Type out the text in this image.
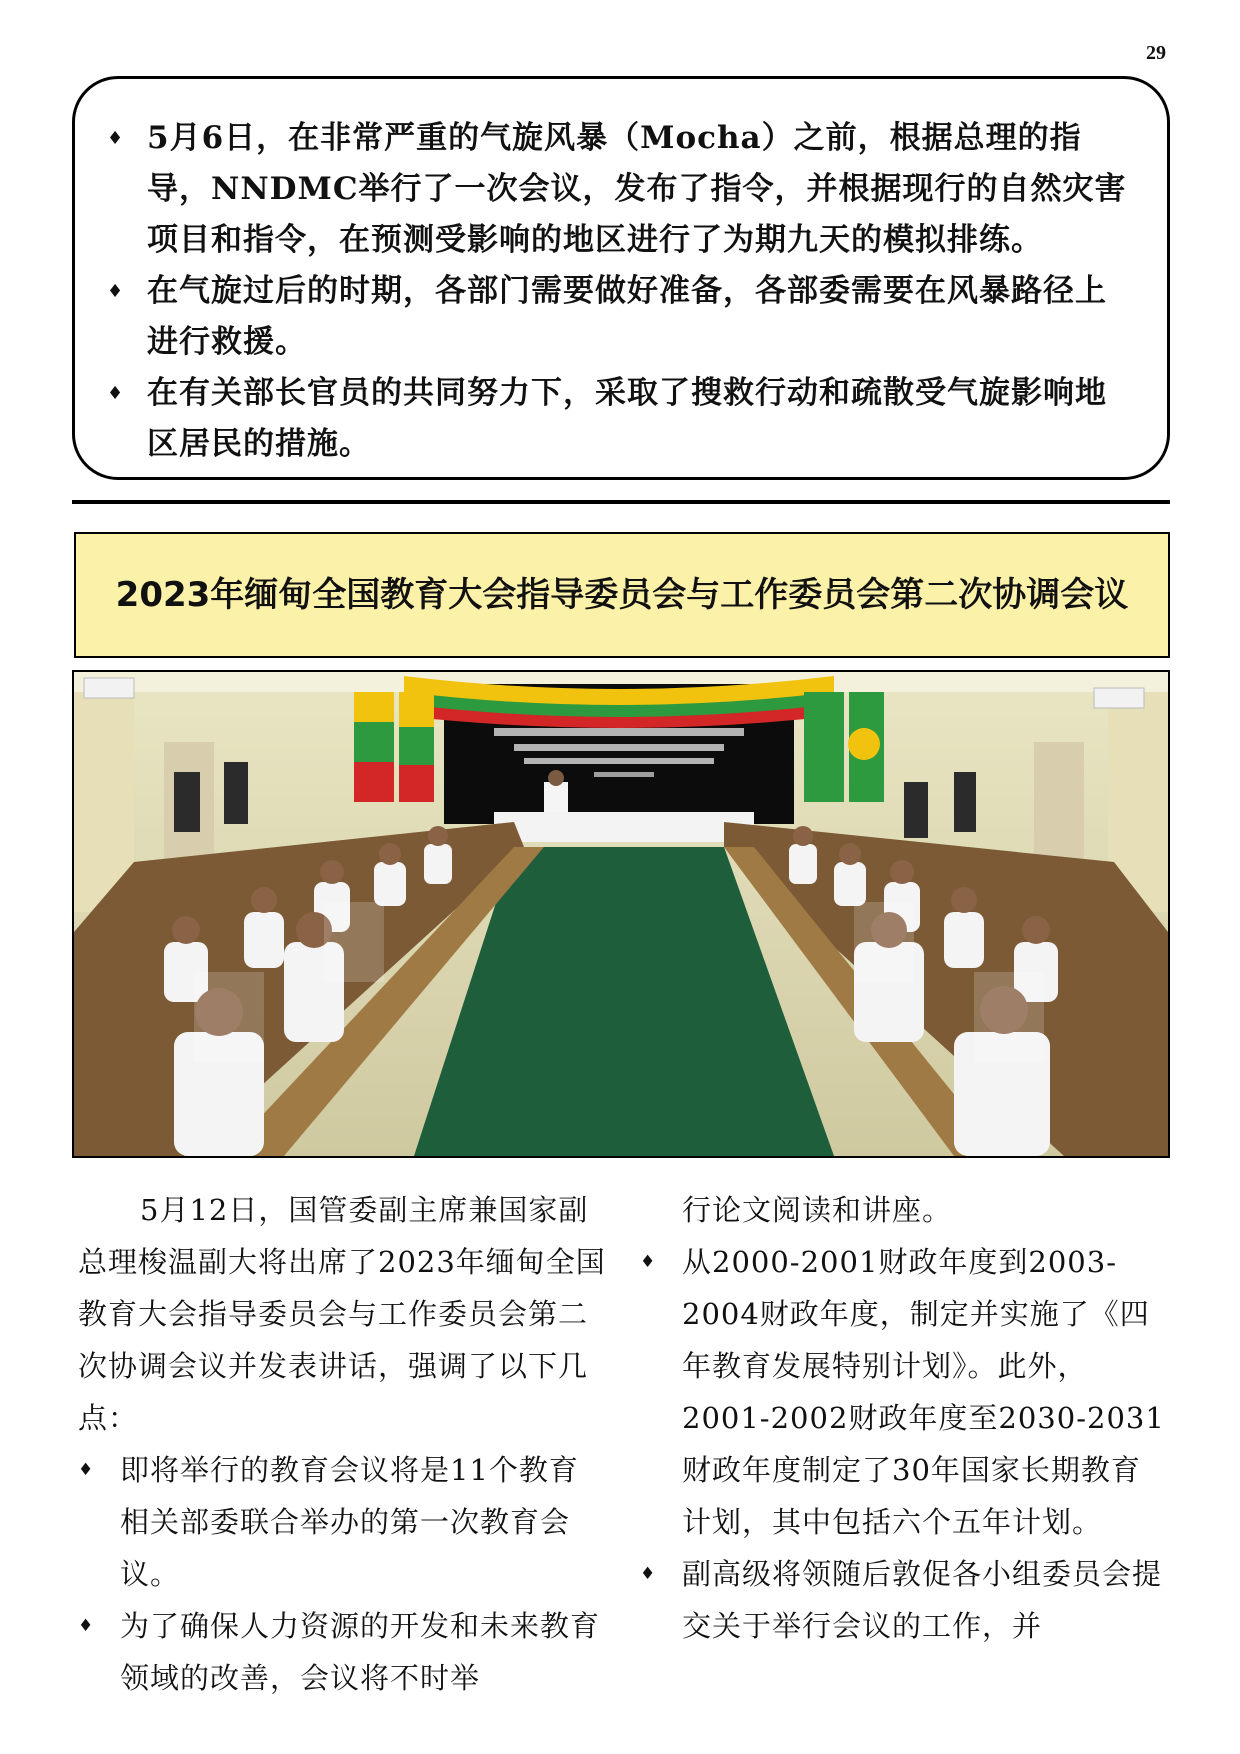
29
♦ 5月6日，在非常严重的气旋风暴（Mocha）之前，根据总理的指导，NNDMC举行了一次会议，发布了指令，并根据现行的自然灾害项目和指令，在预测受影响的地区进行了为期九天的模拟排练。
♦ 在气旋过后的时期，各部门需要做好准备，各部委需要在风暴路径上进行救援。
♦ 在有关部长官员的共同努力下，采取了搜救行动和疏散受气旋影响地区居民的措施。
2023年缅甸全国教育大会指导委员会与工作委员会第二次协调会议

5月12日，国管委副主席兼国家副总理梭温副大将出席了2023年缅甸全国教育大会指导委员会与工作委员会第二次协调会议并发表讲话，强调了以下几点：

♦ 即将举行的教育会议将是11个教育相关部委联合举办的第一次教育会议。
♦ 为了确保人力资源的开发和未来教育领域的改善，会议将不时举

行论文阅读和讲座。

♦ 从2000-2001财政年度到2003-2004财政年度，制定并实施了《四年教育发展特别计划》。此外，2001-2002财政年度至2030-2031财政年度制定了30年国家长期教育计划，其中包括六个五年计划。
♦ 副高级将领随后敦促各小组委员会提交关于举行会议的工作，并
